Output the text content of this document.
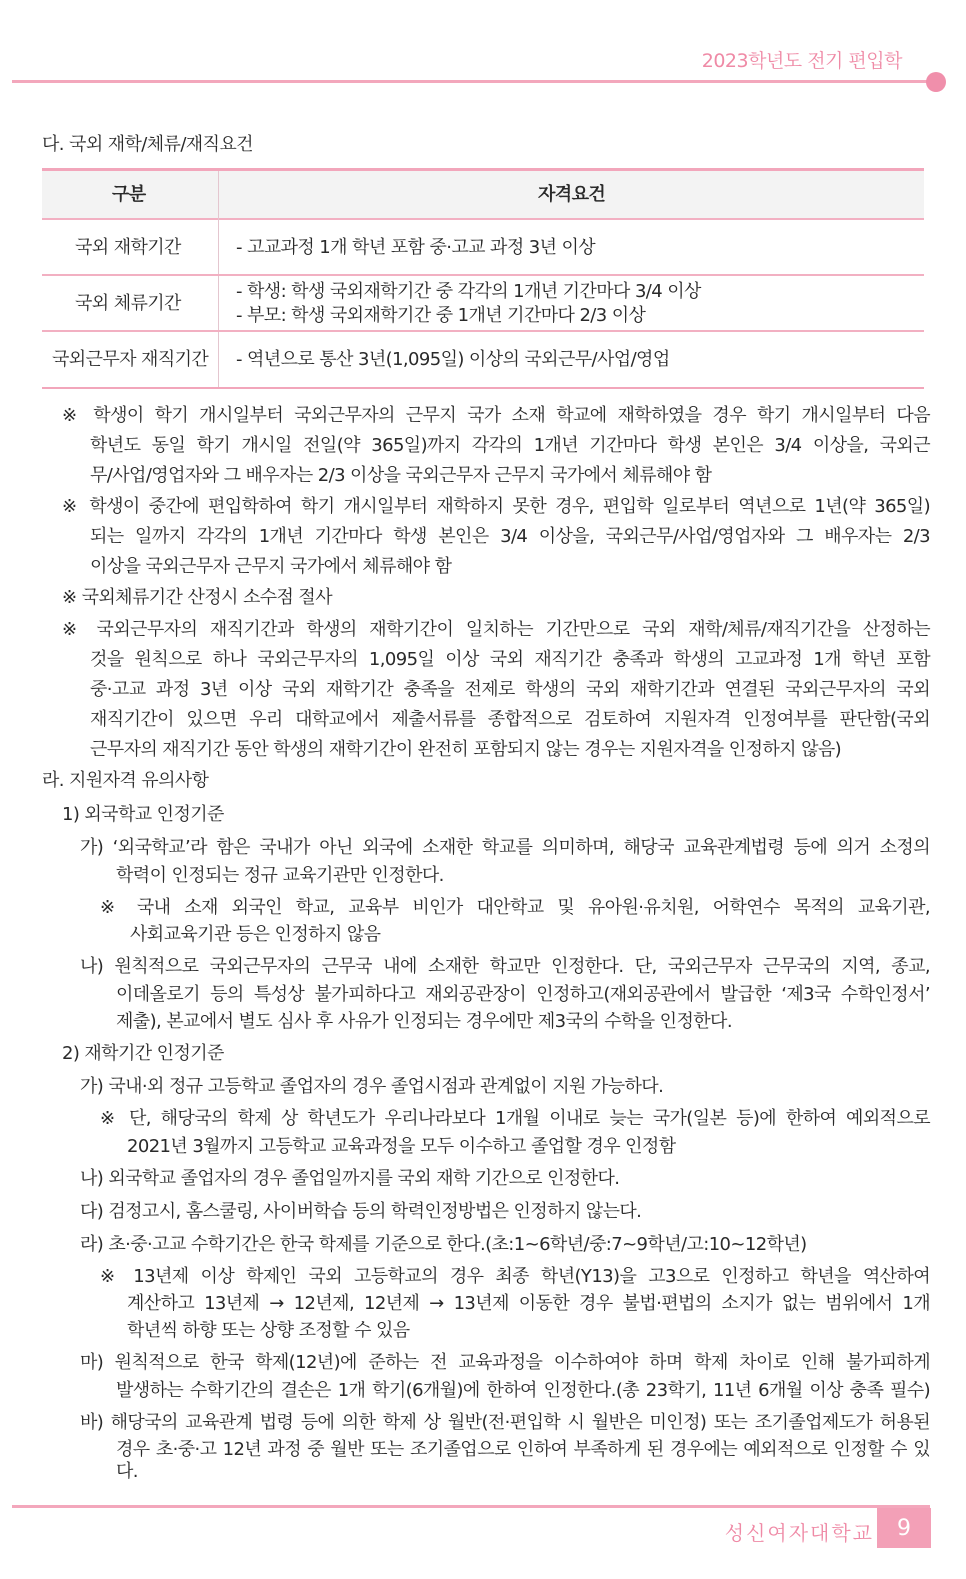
2023학년도 전기 편입학
다. 국외 재학/체류/재직요건
구분	자격요건
국외 재학기간	- 고교과정 1개 학년 포함 중·고교 과정 3년 이상
국외 체류기간
- 학생: 학생 국외재학기간 중 각각의 1개년 기간마다 3/4 이상
- 부모: 학생 국외재학기간 중 1개년 기간마다 2/3 이상
국외근무자 재직기간 - 역년으로 통산 3년(1,095일) 이상의 국외근무/사업/영업
※ 학생이 학기 개시일부터 국외근무자의 근무지 국가 소재 학교에 재학하였을 경우 학기 개시일부터 다음
학년도 동일 학기 개시일 전일(약 365일)까지 각각의 1개년 기간마다 학생 본인은 3/4 이상을, 국외근
무/사업/영업자와 그 배우자는 2/3 이상을 국외근무자 근무지 국가에서 체류해야 함
※ 학생이 중간에 편입학하여 학기 개시일부터 재학하지 못한 경우, 편입학 일로부터 역년으로 1년(약 365일)
되는 일까지 각각의 1개년 기간마다 학생 본인은 3/4 이상을, 국외근무/사업/영업자와 그 배우자는 2/3
이상을 국외근무자 근무지 국가에서 체류해야 함
※ 국외체류기간 산정시 소수점 절사
※ 국외근무자의 재직기간과 학생의 재학기간이 일치하는 기간만으로 국외 재학/체류/재직기간을 산정하는
것을 원칙으로 하나 국외근무자의 1,095일 이상 국외 재직기간 충족과 학생의 고교과정 1개 학년 포함
중·고교 과정 3년 이상 국외 재학기간 충족을 전제로 학생의 국외 재학기간과 연결된 국외근무자의 국외
재직기간이 있으면 우리 대학교에서 제출서류를 종합적으로 검토하여 지원자격 인정여부를 판단함(국외
근무자의 재직기간 동안 학생의 재학기간이 완전히 포함되지 않는 경우는 지원자격을 인정하지 않음)
라. 지원자격 유의사항
1) 외국학교 인정기준
가) ‘외국학교’라 함은 국내가 아닌 외국에 소재한 학교를 의미하며, 해당국 교육관계법령 등에 의거 소정의
학력이 인정되는 정규 교육기관만 인정한다.
※ 국내 소재 외국인 학교, 교육부 비인가 대안학교 및 유아원·유치원, 어학연수 목적의 교육기관,
사회교육기관 등은 인정하지 않음
나) 원칙적으로 국외근무자의 근무국 내에 소재한 학교만 인정한다. 단, 국외근무자 근무국의 지역, 종교,
이데올로기 등의 특성상 불가피하다고 재외공관장이 인정하고(재외공관에서 발급한 ‘제3국 수학인정서’
제출), 본교에서 별도 심사 후 사유가 인정되는 경우에만 제3국의 수학을 인정한다.
2) 재학기간 인정기준
가) 국내·외 정규 고등학교 졸업자의 경우 졸업시점과 관계없이 지원 가능하다.
※ 단, 해당국의 학제 상 학년도가 우리나라보다 1개월 이내로 늦는 국가(일본 등)에 한하여 예외적으로
2021년 3월까지 고등학교 교육과정을 모두 이수하고 졸업할 경우 인정함
나) 외국학교 졸업자의 경우 졸업일까지를 국외 재학 기간으로 인정한다.
다) 검정고시, 홈스쿨링, 사이버학습 등의 학력인정방법은 인정하지 않는다.
라) 초·중·고교 수학기간은 한국 학제를 기준으로 한다.(초:1~6학년/중:7~9학년/고:10~12학년)
※ 13년제 이상 학제인 국외 고등학교의 경우 최종 학년(Y13)을 고3으로 인정하고 학년을 역산하여
계산하고 13년제 → 12년제, 12년제 → 13년제 이동한 경우 불법·편법의 소지가 없는 범위에서 1개
학년씩 하향 또는 상향 조정할 수 있음
마) 원칙적으로 한국 학제(12년)에 준하는 전 교육과정을 이수하여야 하며 학제 차이로 인해 불가피하게
발생하는 수학기간의 결손은 1개 학기(6개월)에 한하여 인정한다.(총 23학기, 11년 6개월 이상 충족 필수)
바) 해당국의 교육관계 법령 등에 의한 학제 상 월반(전·편입학 시 월반은 미인정) 또는 조기졸업제도가 허용된
경우 초·중·고 12년 과정 중 월반 또는 조기졸업으로 인하여 부족하게 된 경우에는 예외적으로 인정할 수 있다.
성신여자대학교	9
